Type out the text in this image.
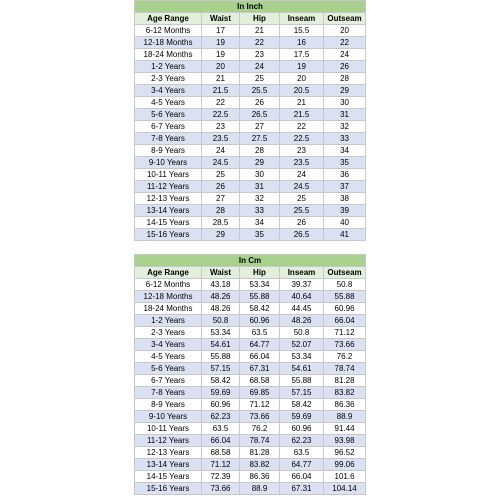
In Inch				
Age Range	Waist	Hip	Inseam	Outseam
6-12 Months	17	21	15.5	20
12-18 Months	19	22	16	22
18-24 Months	19	23	17.5	24
1-2 Years	20	24	19	26
2-3 Years	21	25	20	28
3-4 Years	21.5	25.5	20.5	29
4-5 Years	22	26	21	30
5-6 Years	22.5	26.5	21.5	31
6-7 Years	23	27	22	32
7-8 Years	23.5	27.5	22.5	33
8-9 Years	24	28	23	34
9-10 Years	24.5	29	23.5	35
10-11 Years	25	30	24	36
11-12 Years	26	31	24.5	37
12-13 Years	27	32	25	38
13-14 Years	28	33	25.5	39
14-15 Years	28.5	34	26	40
15-16 Years	29	35	26.5	41
In Cm				
Age Range	Waist	Hip	Inseam	Outseam
6-12 Months	43.18	53.34	39.37	50.8
12-18 Months	48.26	55.88	40.64	55.88
18-24 Months	48.26	58.42	44.45	60.96
1-2 Years	50.8	60.96	48.26	66.04
2-3 Years	53.34	63.5	50.8	71.12
3-4 Years	54.61	64.77	52.07	73.66
4-5 Years	55.88	66.04	53.34	76.2
5-6 Years	57.15	67.31	54.61	78.74
6-7 Years	58.42	68.58	55.88	81.28
7-8 Years	59.69	69.85	57.15	83.82
8-9 Years	60.96	71.12	58.42	86.36
9-10 Years	62.23	73.66	59.69	88.9
10-11 Years	63.5	76.2	60.96	91.44
11-12 Years	66.04	78.74	62.23	93.98
12-13 Years	68.58	81.28	63.5	96.52
13-14 Years	71.12	83.82	64.77	99.06
14-15 Years	72.39	86.36	66.04	101.6
15-16 Years	73.66	88.9	67.31	104.14
